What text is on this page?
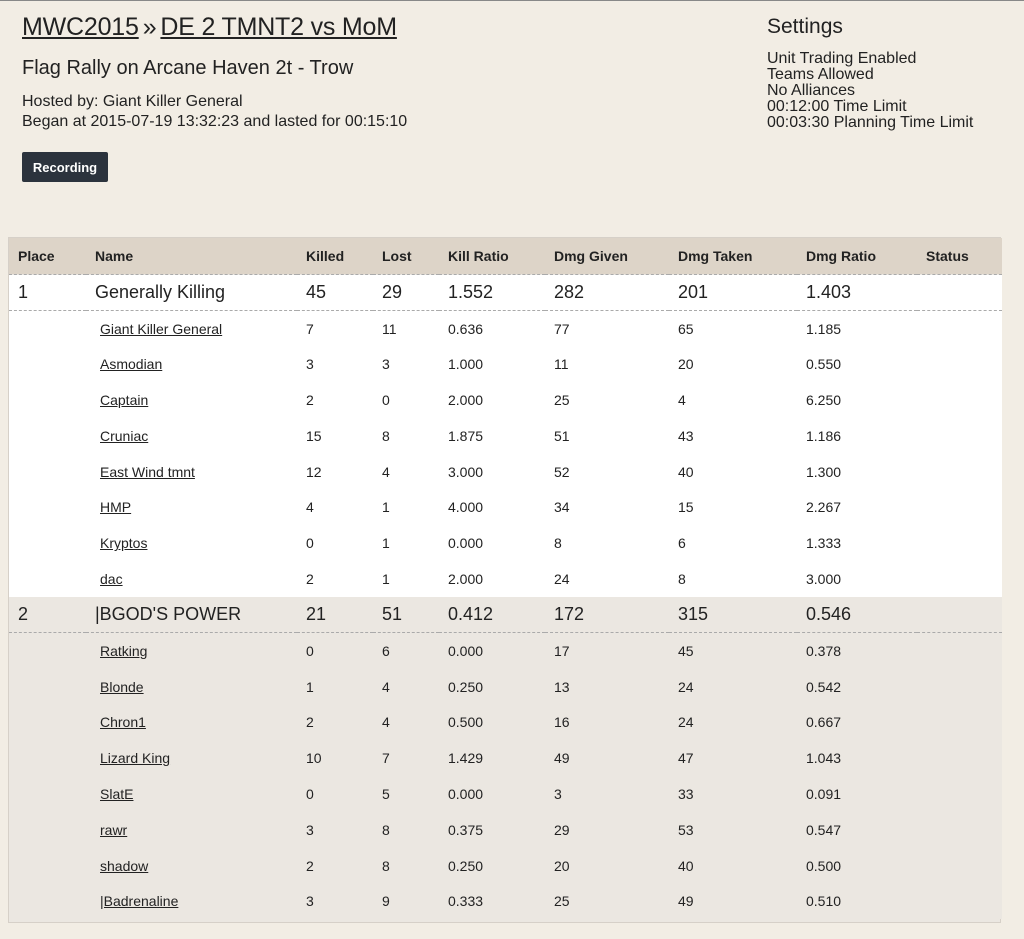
MWC2015 » DE 2 TMNT2 vs MoM
Flag Rally on Arcane Haven 2t - Trow
Hosted by: Giant Killer General
Began at 2015-07-19 13:32:23 and lasted for 00:15:10
Recording
Settings
Unit Trading Enabled
Teams Allowed
No Alliances
00:12:00 Time Limit
00:03:30 Planning Time Limit
Place	Name	Killed	Lost	Kill Ratio	Dmg Given	Dmg Taken	Dmg Ratio	Status
1	Generally Killing	45	29	1.552	282	201	1.403	
	Giant Killer General	7	11	0.636	77	65	1.185	
	Asmodian	3	3	1.000	11	20	0.550	
	Captain	2	0	2.000	25	4	6.250	
	Cruniac	15	8	1.875	51	43	1.186	
	East Wind tmnt	12	4	3.000	52	40	1.300	
	HMP	4	1	4.000	34	15	2.267	
	Kryptos	0	1	0.000	8	6	1.333	
	dac	2	1	2.000	24	8	3.000	
2	|BGOD'S POWER	21	51	0.412	172	315	0.546	
	Ratking	0	6	0.000	17	45	0.378	
	Blonde	1	4	0.250	13	24	0.542	
	Chron1	2	4	0.500	16	24	0.667	
	Lizard King	10	7	1.429	49	47	1.043	
	SlatE	0	5	0.000	3	33	0.091	
	rawr	3	8	0.375	29	53	0.547	
	shadow	2	8	0.250	20	40	0.500	
	|Badrenaline	3	9	0.333	25	49	0.510	
